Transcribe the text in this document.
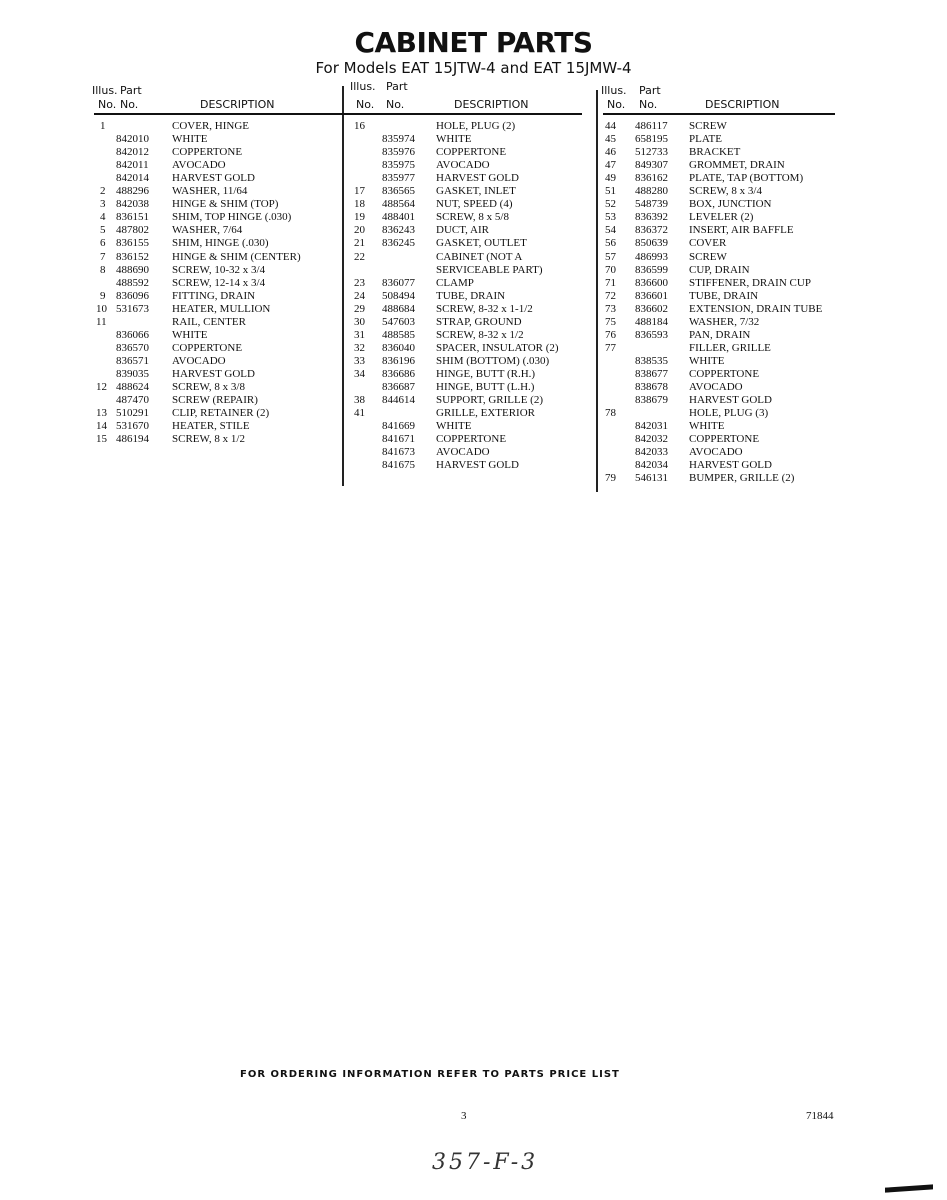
CABINET PARTS
For Models EAT 15JTW-4 and EAT 15JMW-4
Illus. Part
No. No.	DESCRIPTION
1	COVER, HINGE
842010 WHITE
842012 COPPERTONE
842011 AVOCADO
842014 HARVEST GOLD
2 488296 WASHER, 11/64
3 842038 HINGE & SHIM (TOP)
4 836151 SHIM, TOP HINGE (.030)
5 487802 WASHER, 7/64
6 836155 SHIM, HINGE (.030)
7 836152 HINGE & SHIM (CENTER)
8 488690 SCREW, 10-32 x 3/4
488592 SCREW, 12-14 x 3/4
9 836096 FITTING, DRAIN
10 531673 HEATER, MULLION
11	RAIL, CENTER
836066 WHITE
836570 COPPERTONE
836571 AVOCADO
839035 HARVEST GOLD
12 488624 SCREW, 8 x 3/8
487470 SCREW (REPAIR)
13 510291 CLIP, RETAINER (2)
14 531670 HEATER, STILE
15 486194 SCREW, 8 x 1/2
Illus. Part
No. No.	DESCRIPTION
16	HOLE, PLUG (2)
835974 WHITE
835976 COPPERTONE
835975 AVOCADO
835977 HARVEST GOLD
17 836565 GASKET, INLET
18 488564 NUT, SPEED (4)
19 488401 SCREW, 8 x 5/8
20 836243 DUCT, AIR
21 836245 GASKET, OUTLET
22	CABINET (NOT A
SERVICEABLE PART)
23 836077 CLAMP
24 508494 TUBE, DRAIN
29 488684 SCREW, 8-32 x 1-1/2
30 547603 STRAP, GROUND
31 488585 SCREW, 8-32 x 1/2
32 836040 SPACER, INSULATOR (2)
33 836196 SHIM (BOTTOM) (.030)
34 836686 HINGE, BUTT (R.H.)
836687 HINGE, BUTT (L.H.)
38 844614 SUPPORT, GRILLE (2)
41	GRILLE, EXTERIOR
841669 WHITE
841671 COPPERTONE
841673 AVOCADO
841675 HARVEST GOLD
Illus. Part
No. No.	DESCRIPTION
44 486117 SCREW
45 658195 PLATE
46 512733 BRACKET
47 849307 GROMMET, DRAIN
49 836162 PLATE, TAP (BOTTOM)
51 488280 SCREW, 8 x 3/4
52 548739 BOX, JUNCTION
53 836392 LEVELER (2)
54 836372 INSERT, AIR BAFFLE
56 850639 COVER
57 486993 SCREW
70 836599 CUP, DRAIN
71 836600 STIFFENER, DRAIN CUP
72 836601 TUBE, DRAIN
73 836602 EXTENSION, DRAIN TUBE
75 488184 WASHER, 7/32
76 836593 PAN, DRAIN
77	FILLER, GRILLE
838535 WHITE
838677 COPPERTONE
838678 AVOCADO
838679 HARVEST GOLD
78	HOLE, PLUG (3)
842031 WHITE
842032 COPPERTONE
842033 AVOCADO
842034 HARVEST GOLD
79 546131 BUMPER, GRILLE (2)
FOR ORDERING INFORMATION REFER TO PARTS PRICE LIST
3	71844
357-F-3
